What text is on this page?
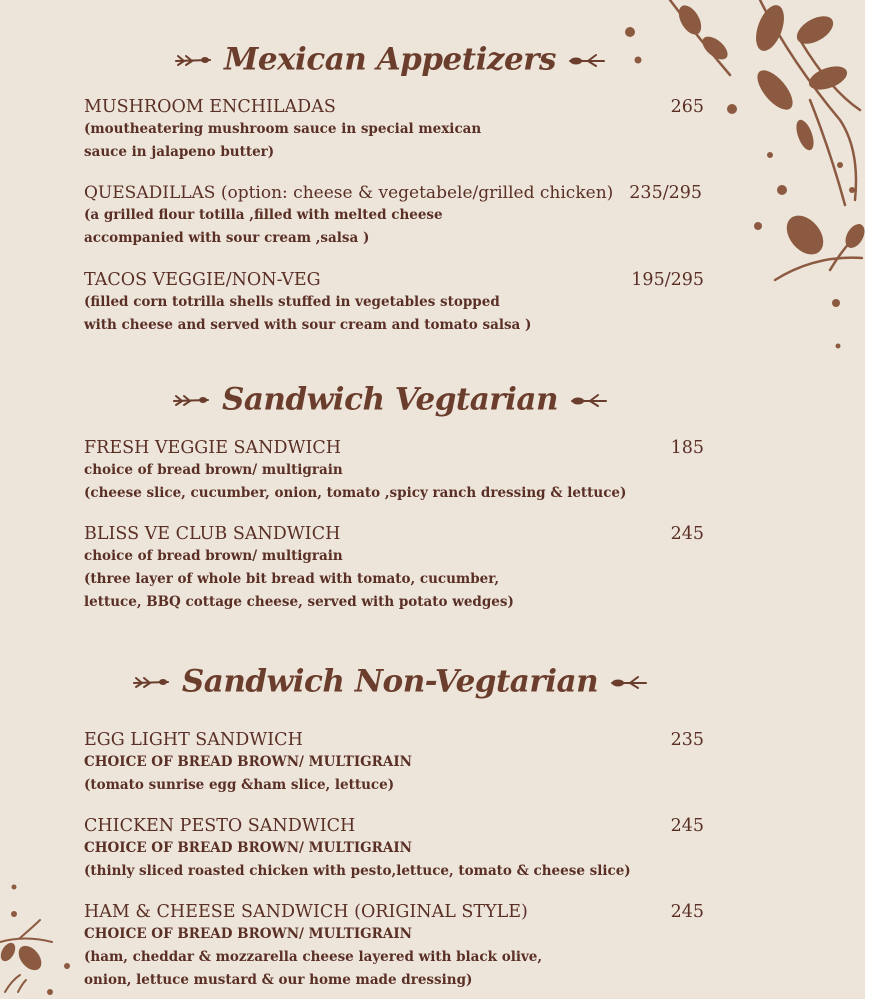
Mexican Appetizers
MUSHROOM ENCHILADAS	265
(moutheatering mushroom sauce in special mexican
sauce in jalapeno butter)
QUESADILLAS (option: cheese & vegetabele/grilled chicken) 235/295
(a grilled flour totilla ,filled with melted cheese
accompanied with sour cream ,salsa )
TACOS VEGGIE/NON-VEG	195/295
(filled corn totrilla shells stuffed in vegetables stopped
with cheese and served with sour cream and tomato salsa )
Sandwich Vegtarian
FRESH VEGGIE SANDWICH	185
choice of bread brown/ multigrain
(cheese slice, cucumber, onion, tomato ,spicy ranch dressing & lettuce)
BLISS VE CLUB SANDWICH	245
choice of bread brown/ multigrain
(three layer of whole bit bread with tomato, cucumber,
lettuce, BBQ cottage cheese, served with potato wedges)
Sandwich Non-Vegtarian
EGG LIGHT SANDWICH	235
CHOICE OF BREAD BROWN/ MULTIGRAIN
(tomato sunrise egg &ham slice, lettuce)
CHICKEN PESTO SANDWICH	245
CHOICE OF BREAD BROWN/ MULTIGRAIN
(thinly sliced roasted chicken with pesto,lettuce, tomato & cheese slice)
HAM & CHEESE SANDWICH (ORIGINAL STYLE)	245
CHOICE OF BREAD BROWN/ MULTIGRAIN
(ham, cheddar & mozzarella cheese layered with black olive,
onion, lettuce mustard & our home made dressing)
